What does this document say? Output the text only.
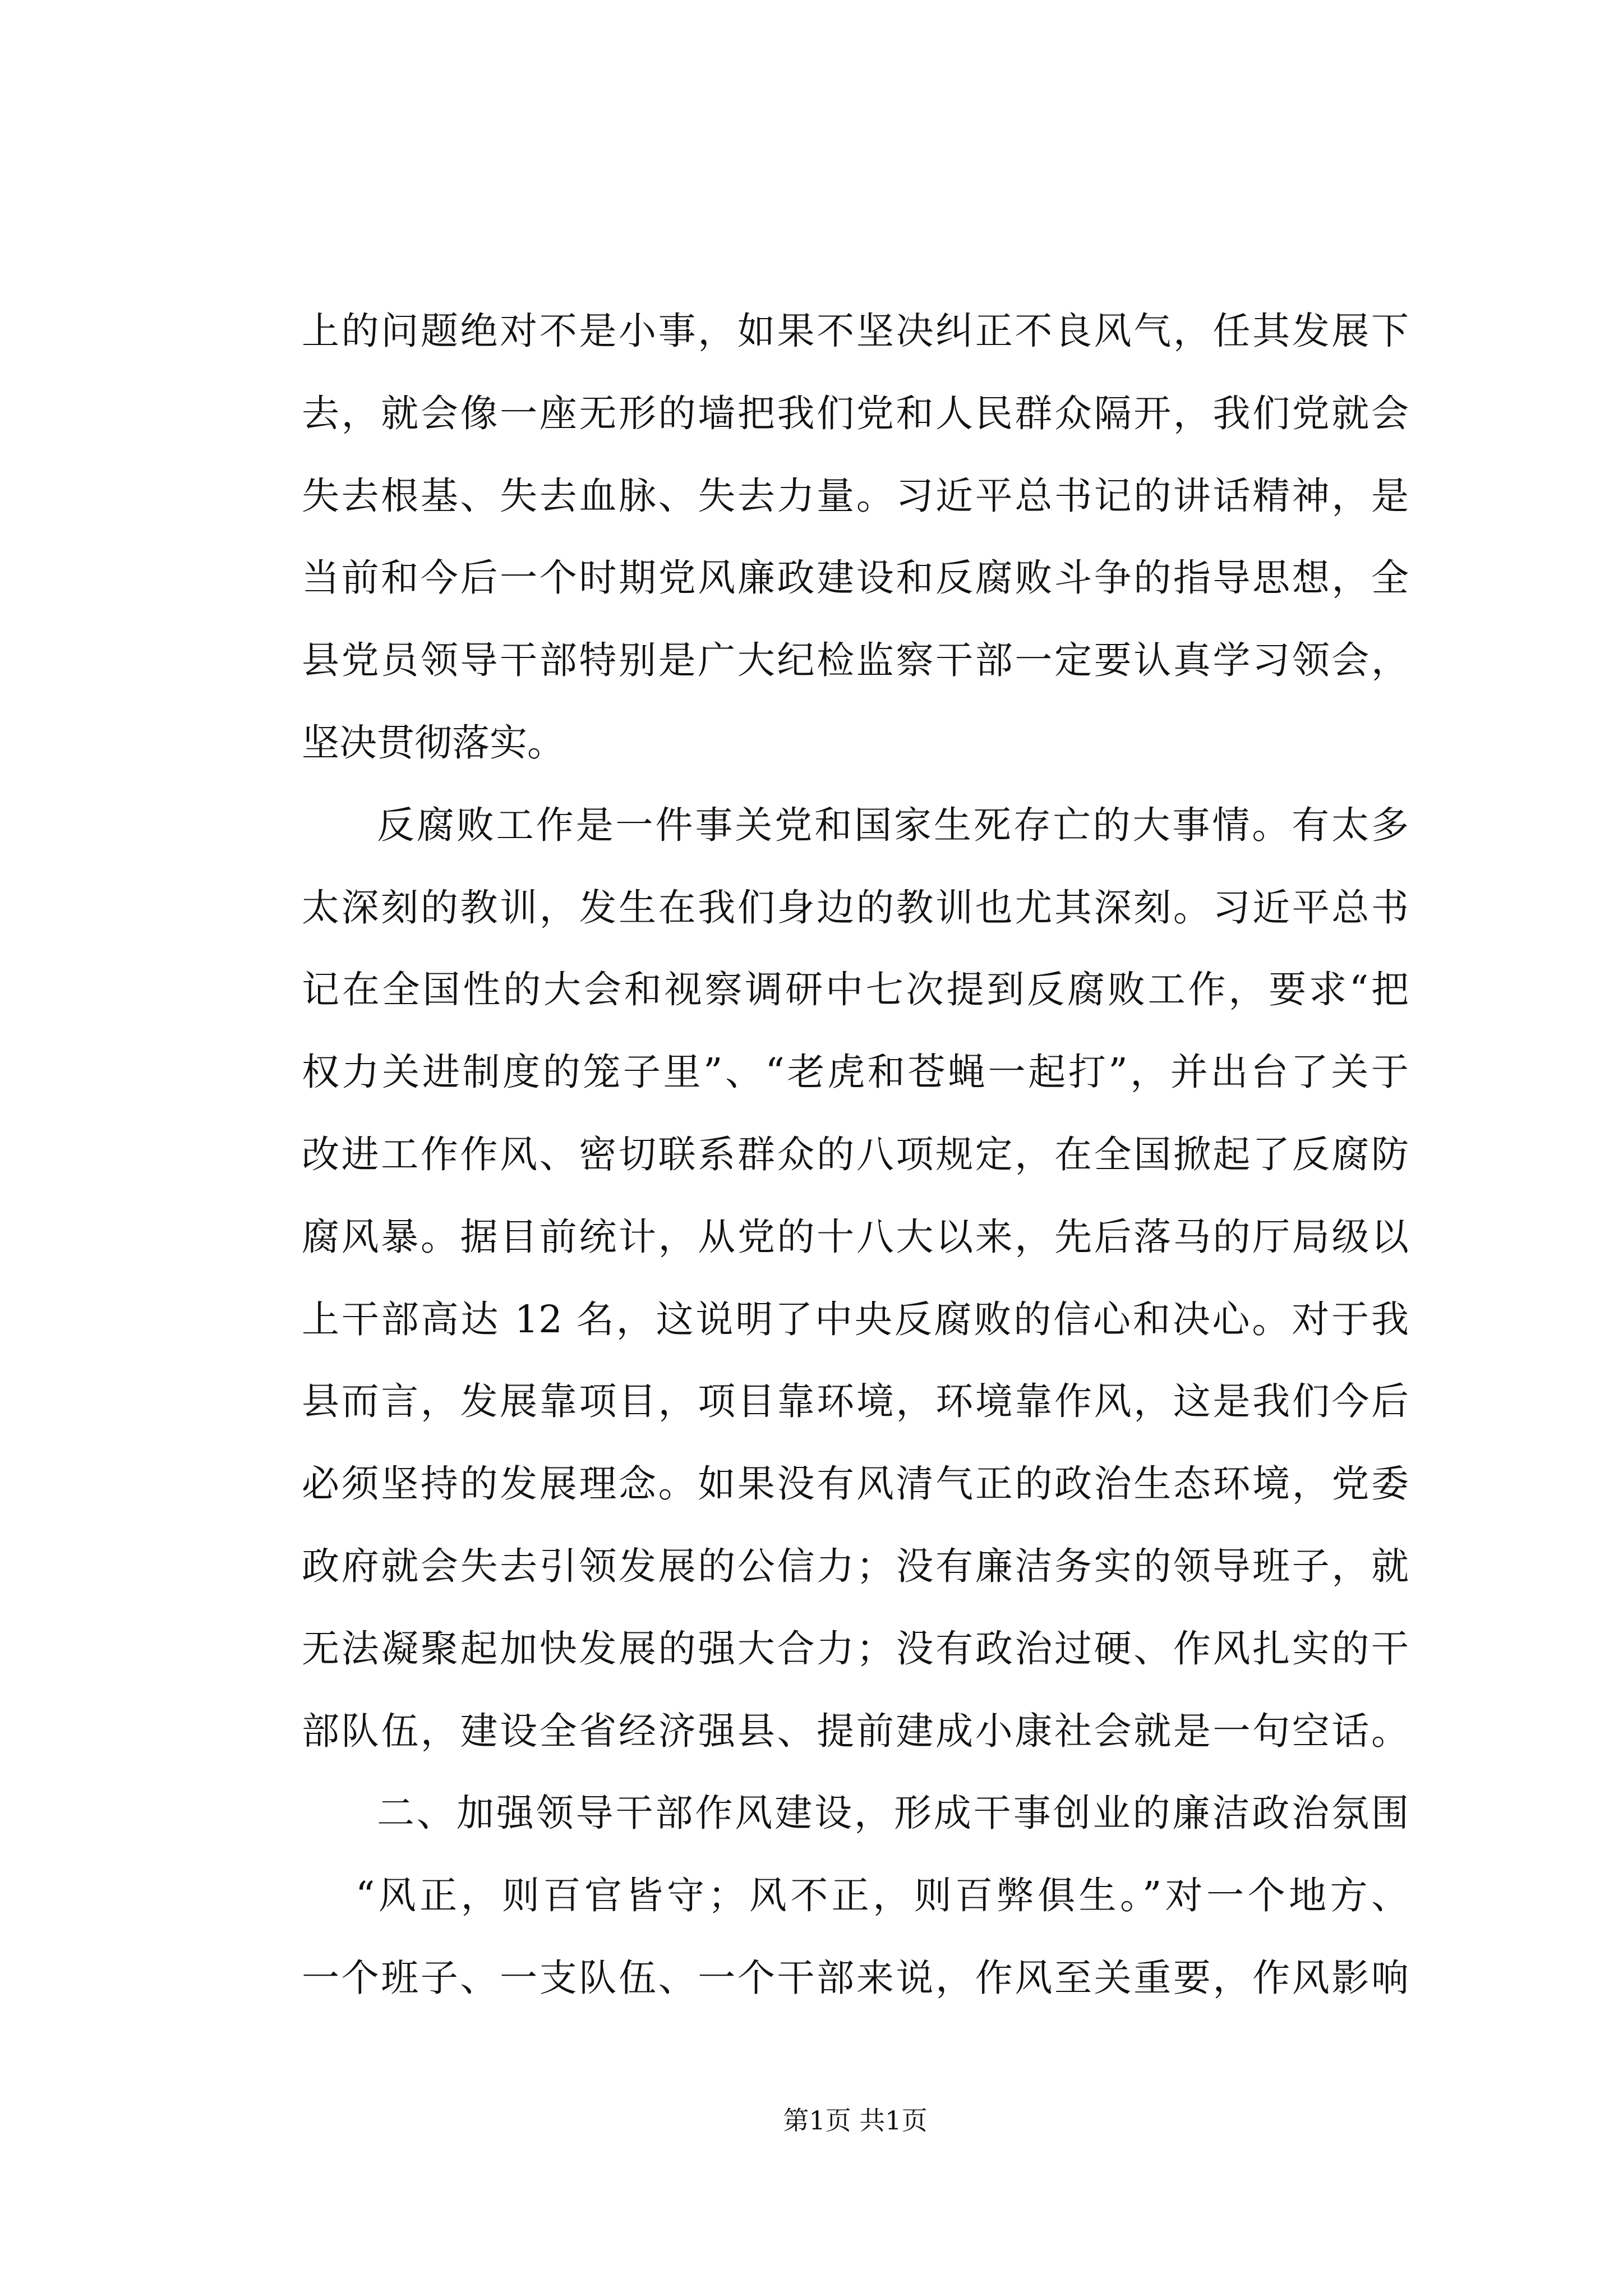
上的问题绝对不是小事，如果不坚决纠正不良风气，任其发展下
去，就会像一座无形的墙把我们党和人民群众隔开，我们党就会
失去根基、失去血脉、失去力量。习近平总书记的讲话精神，是
当前和今后一个时期党风廉政建设和反腐败斗争的指导思想，全
县党员领导干部特别是广大纪检监察干部一定要认真学习领会，
坚决贯彻落实。
反腐败工作是一件事关党和国家生死存亡的大事情。有太多
太深刻的教训，发生在我们身边的教训也尤其深刻。习近平总书
记在全国性的大会和视察调研中七次提到反腐败工作，要求“把
权力关进制度的笼子里”、“老虎和苍蝇一起打”，并出台了关于
改进工作作风、密切联系群众的八项规定，在全国掀起了反腐防
腐风暴。据目前统计，从党的十八大以来，先后落马的厅局级以
上干部高达 12 名，这说明了中央反腐败的信心和决心。对于我
县而言，发展靠项目，项目靠环境，环境靠作风，这是我们今后
必须坚持的发展理念。如果没有风清气正的政治生态环境，党委
政府就会失去引领发展的公信力；没有廉洁务实的领导班子，就
无法凝聚起加快发展的强大合力；没有政治过硬、作风扎实的干
部队伍，建设全省经济强县、提前建成小康社会就是一句空话。
二、加强领导干部作风建设，形成干事创业的廉洁政治氛围
“风正，则百官皆守；风不正，则百弊俱生。”对一个地方、
一个班子、一支队伍、一个干部来说，作风至关重要，作风影响
第1页 共1页
